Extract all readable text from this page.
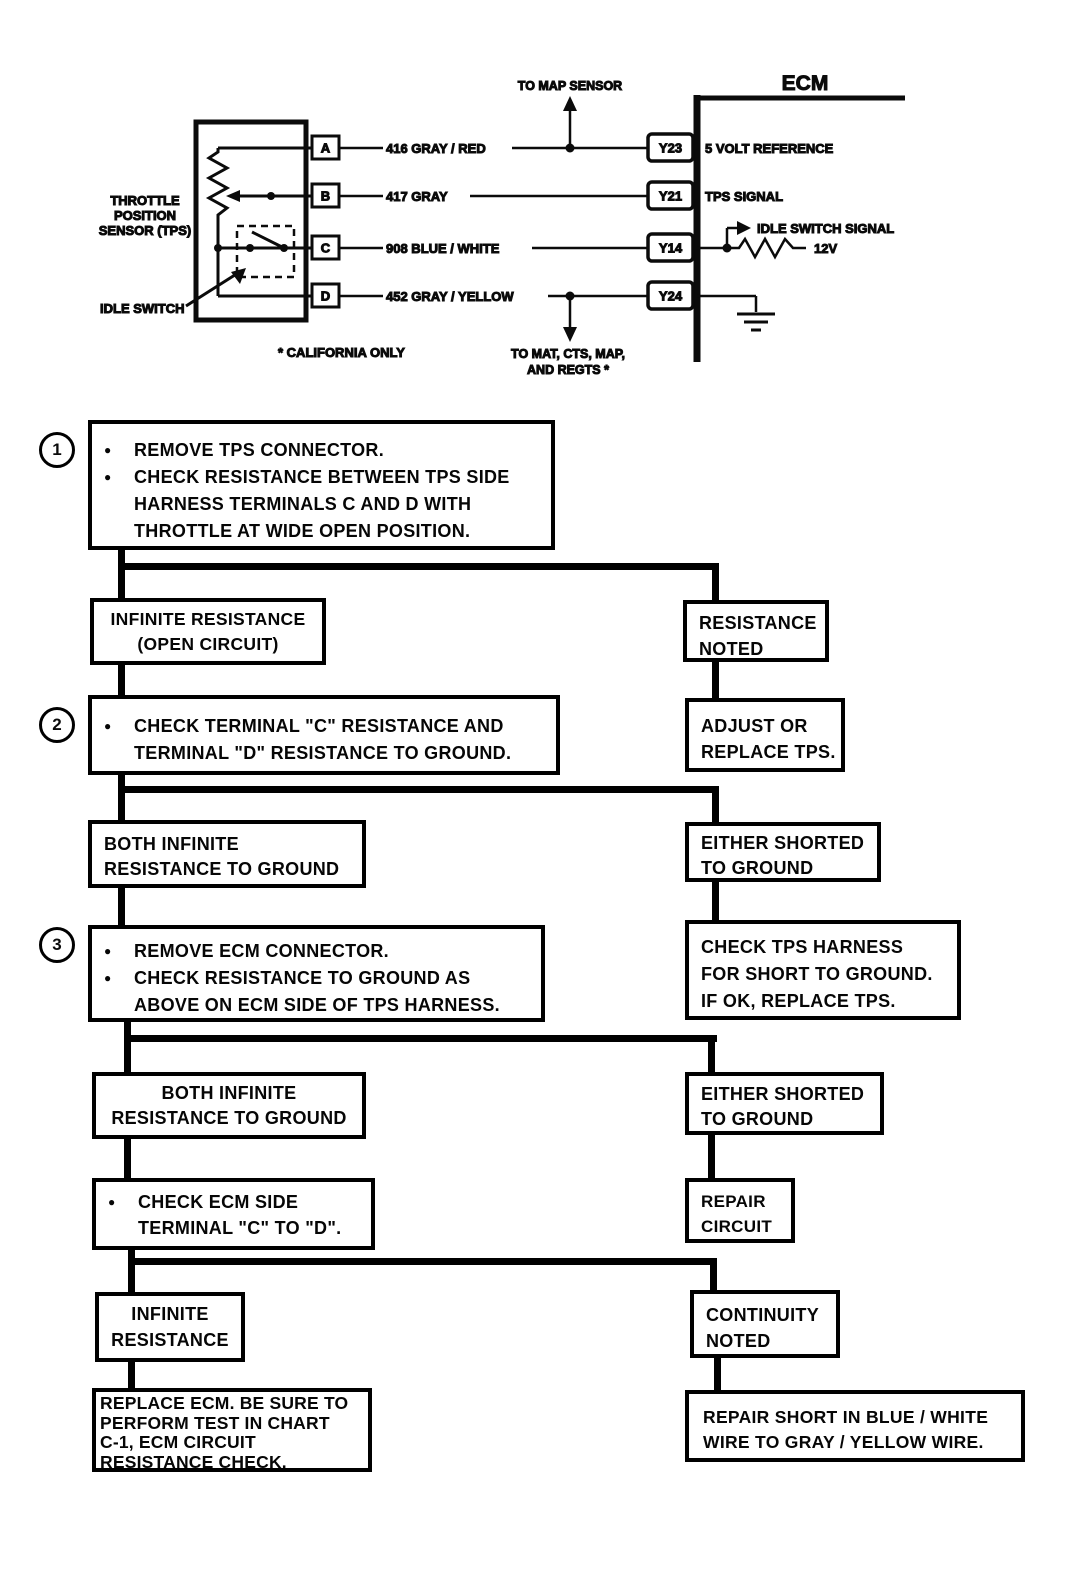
ECM
THROTTLE
POSITION
SENSOR (TPS)
IDLE SWITCH
A
B
C
D
416 GRAY / RED
TO MAP SENSOR
417 GRAY
908 BLUE / WHITE
452 GRAY / YELLOW
TO MAT, CTS, MAP,
AND REGTS *
* CALIFORNIA ONLY
Y23
Y21
Y14
Y24
5 VOLT REFERENCE
TPS SIGNAL
IDLE SWITCH SIGNAL
12V
1
2
3
●	REMOVE TPS CONNECTOR.
●	CHECK RESISTANCE BETWEEN TPS SIDE
HARNESS TERMINALS C AND D WITH
THROTTLE AT WIDE OPEN POSITION.
INFINITE RESISTANCE
(OPEN CIRCUIT)
RESISTANCE
NOTED
●	CHECK TERMINAL "C" RESISTANCE AND
TERMINAL "D" RESISTANCE TO GROUND.
ADJUST OR
REPLACE TPS.
BOTH INFINITE
RESISTANCE TO GROUND
EITHER SHORTED
TO GROUND
●	REMOVE ECM CONNECTOR.
●	CHECK RESISTANCE TO GROUND AS
ABOVE ON ECM SIDE OF TPS HARNESS.
CHECK TPS HARNESS
FOR SHORT TO GROUND.
IF OK, REPLACE TPS.
BOTH INFINITE
RESISTANCE TO GROUND
EITHER SHORTED
TO GROUND
●	CHECK ECM SIDE
TERMINAL "C" TO "D".
REPAIR
CIRCUIT
INFINITE
RESISTANCE
CONTINUITY
NOTED
REPLACE ECM. BE SURE TO
PERFORM TEST IN CHART
C-1, ECM CIRCUIT
RESISTANCE CHECK.
REPAIR SHORT IN BLUE / WHITE
WIRE TO GRAY / YELLOW WIRE.
